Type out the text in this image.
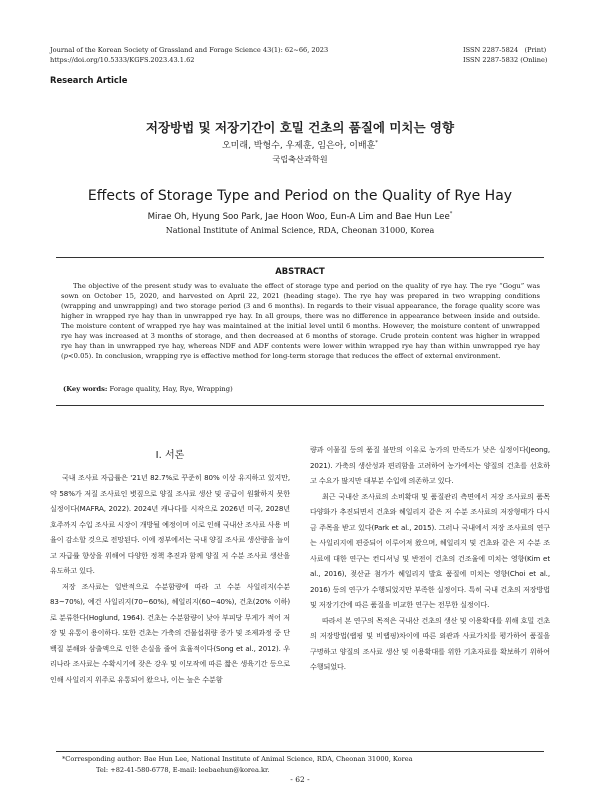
Journal of the Korean Society of Grassland and Forage Science 43(1): 62~66, 2023
https://doi.org/10.5333/KGFS.2023.43.1.62
ISSN 2287-5824   (Print)
ISSN 2287-5832 (Online)
Research Article
저장방법 및 저장기간이 호밀 건초의 품질에 미치는 영향
오미래, 박형수, 우제훈, 임은아, 이배훈*
국립축산과학원
Effects of Storage Type and Period on the Quality of Rye Hay
Mirae Oh, Hyung Soo Park, Jae Hoon Woo, Eun-A Lim and Bae Hun Lee*
National Institute of Animal Science, RDA, Cheonan 31000, Korea
ABSTRACT

The objective of the present study was to evaluate the effect of storage type and period on the quality of rye hay. The rye “Gogu” was sown on October 15, 2020, and harvested on April 22, 2021 (heading stage). The rye hay was prepared in two wrapping conditions (wrapping and unwrapping) and two storage period (3 and 6 months). In regards to their visual appearance, the forage quality score was higher in wrapped rye hay than in unwrapped rye hay. In all groups, there was no difference in appearance between inside and outside. The moisture content of wrapped rye hay was maintained at the initial level until 6 months. However, the moisture content of unwrapped rye hay was increased at 3 months of storage, and then decreased at 6 months of storage. Crude protein content was higher in wrapped rye hay than in unwrapped rye hay, whereas NDF and ADF contents were lower within wrapped rye hay than within unwrapped rye hay (p<0.05). In conclusion, wrapping rye is effective method for long-term storage that reduces the effect of external environment.

(Key words: Forage quality, Hay, Rye, Wrapping)

Ⅰ. 서론

국내 조사료 자급률은 '21년 82.7%로 꾸준히 80% 이상 유지하고 있지만, 약 58%가 저질 조사료인 볏짚으로 양질 조사료 생산 및 공급이 원활하지 못한 실정이다(MAFRA, 2022). 2024년 캐나다를 시작으로 2026년 미국, 2028년 호주까지 수입 조사료 시장이 개방될 예정이며 이로 인해 국내산 조사료 사용 비율이 감소할 것으로 전망된다. 이에 정부에서는 국내 양질 조사료 생산량을 늘이고 자급률 향상을 위해여 다양한 정책 추진과 함께 양질 저 수분 조사료 생산을 유도하고 있다.

저장 조사료는 일반적으로 수분함량에 따라 고 수분 사일리지(수분 83~70%), 예건 사일리지(70~60%), 헤일리지(60~40%), 건초(20% 이하)로 분류한다(Hoglund, 1964). 건초는 수분함량이 낮아 부피당 무게가 적어 저장 및 유통이 용이하다. 또한 건초는 가축의 건물섭취량 증가 및 조제과정 중 단백질 분해와 삼출액으로 인한 손실을 줄여 효율적이다(Song et al., 2012). 우리나라 조사료는 수확시기에 잦은 강우 및 이모작에 따른 짧은 생육기간 등으로 인해 사일리지 위주로 유통되어 왔으나, 이는 높은 수분함

량과 이물질 등의 품질 불만의 이유로 농가의 만족도가 낮은 실정이다(Jeong, 2021). 가축의 생산성과 편리함을 고려하여 농가에서는 양질의 건초를 선호하고 수요가 많지만 대부분 수입에 의존하고 있다.

최근 국내산 조사료의 소비확대 및 품질관리 측면에서 저장 조사료의 품목 다양화가 추진되면서 건초와 헤일리지 같은 저 수분 조사료의 저장형태가 다시금 주목을 받고 있다(Park et al., 2015). 그러나 국내에서 저장 조사료의 연구는 사일리지에 편중되어 이루어져 왔으며, 헤일리지 및 건초와 같은 저 수분 조사료에 대한 연구는 컨디셔닝 및 반전이 건초의 건조율에 미치는 영향(Kim et al., 2016), 젖산균 첨가가 헤일리지 발효 품질에 미치는 영향(Choi et al., 2016) 등의 연구가 수행되었지만 부족한 실정이다. 특히 국내 건초의 저장방법 및 저장기간에 따른 품질을 비교한 연구는 전무한 실정이다.

따라서 본 연구의 목적은 국내산 건초의 생산 및 이용확대를 위해 호밀 건초의 저장방법(랩핑 및 비랩핑)차이에 따른 외관과 사료가치를 평가하여 품질을 구명하고 양질의 조사료 생산 및 이용확대를 위한 기초자료를 확보하기 위하여 수행되었다.

*Corresponding author: Bae Hun Lee, National Institute of Animal Science, RDA, Cheonan 31000, Korea
Tel: +82-41-580-6778, E-mail: leebaehun@korea.kr.
- 62 -
